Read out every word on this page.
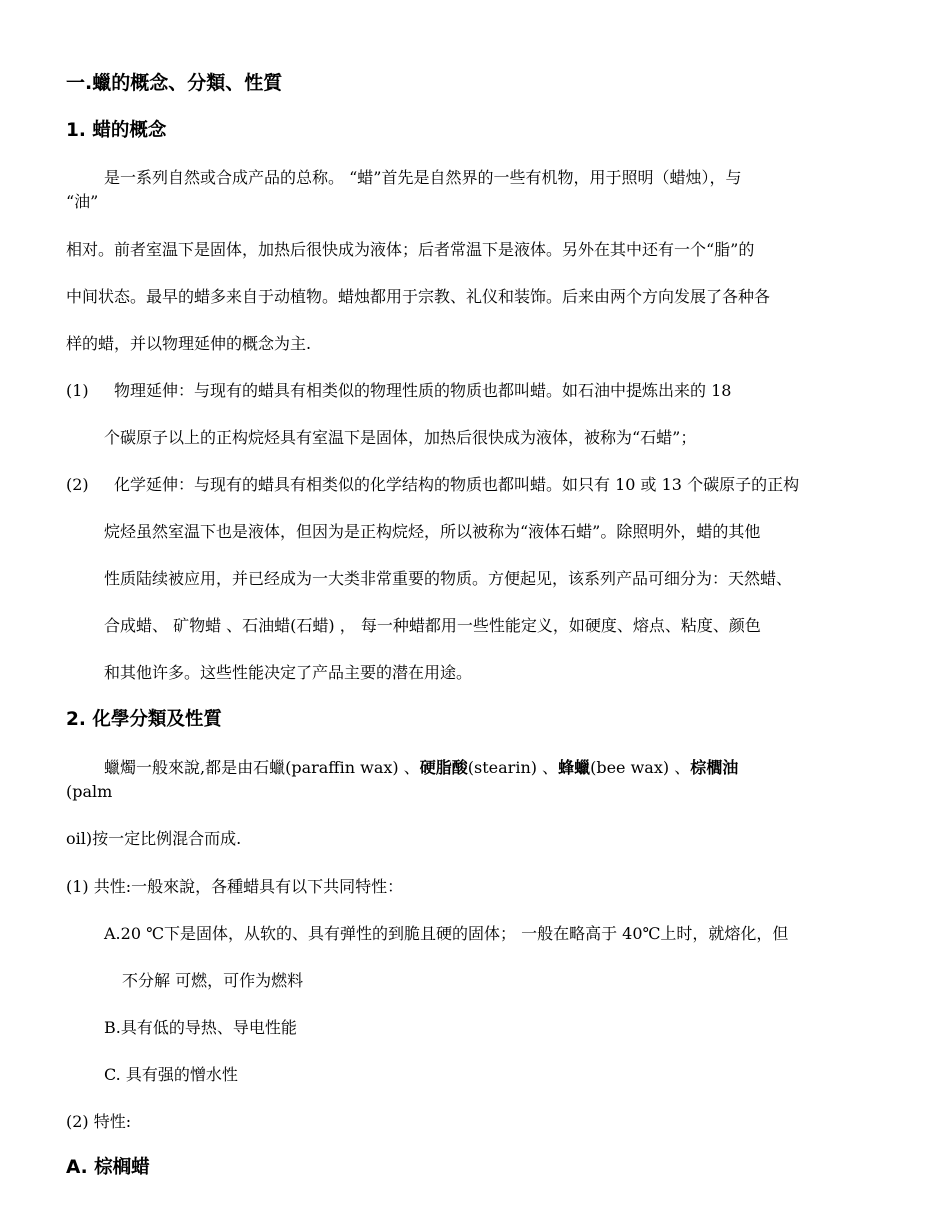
一.蠟的概念、分類、性質
1. 蜡的概念
是一系列自然或合成产品的总称。 “蜡”首先是自然界的一些有机物，用于照明（蜡烛），与
“油”
相对。前者室温下是固体，加热后很快成为液体；后者常温下是液体。另外在其中还有一个“脂”的
中间状态。最早的蜡多来自于动植物。蜡烛都用于宗教、礼仪和装饰。后来由两个方向发展了各种各
样的蜡，并以物理延伸的概念为主.
(1) 物理延伸：与现有的蜡具有相类似的物理性质的物质也都叫蜡。如石油中提炼出来的 18
个碳原子以上的正构烷烃具有室温下是固体，加热后很快成为液体，被称为“石蜡”；
(2) 化学延伸：与现有的蜡具有相类似的化学结构的物质也都叫蜡。如只有 10 或 13 个碳原子的正构
烷烃虽然室温下也是液体，但因为是正构烷烃，所以被称为“液体石蜡”。除照明外，蜡的其他
性质陆续被应用，并已经成为一大类非常重要的物质。方便起见，该系列产品可细分为：天然蜡、
合成蜡、 矿物蜡 、石油蜡(石蜡) ， 每一种蜡都用一些性能定义，如硬度、熔点、粘度、颜色
和其他许多。这些性能决定了产品主要的潜在用途。
2. 化學分類及性質
蠟燭一般來說,都是由石蠟(paraffin wax) 、硬脂酸(stearin) 、蜂蠟(bee wax) 、棕櫚油
(palm
oil)按一定比例混合而成.
(1) 共性:一般來說，各種蜡具有以下共同特性：
A.20 ℃下是固体，从软的、具有弹性的到脆且硬的固体； 一般在略高于 40℃上时，就熔化，但
不分解 可燃，可作为燃料
B.具有低的导热、导电性能
C. 具有强的憎水性
(2) 特性:
A. 棕榈蜡
